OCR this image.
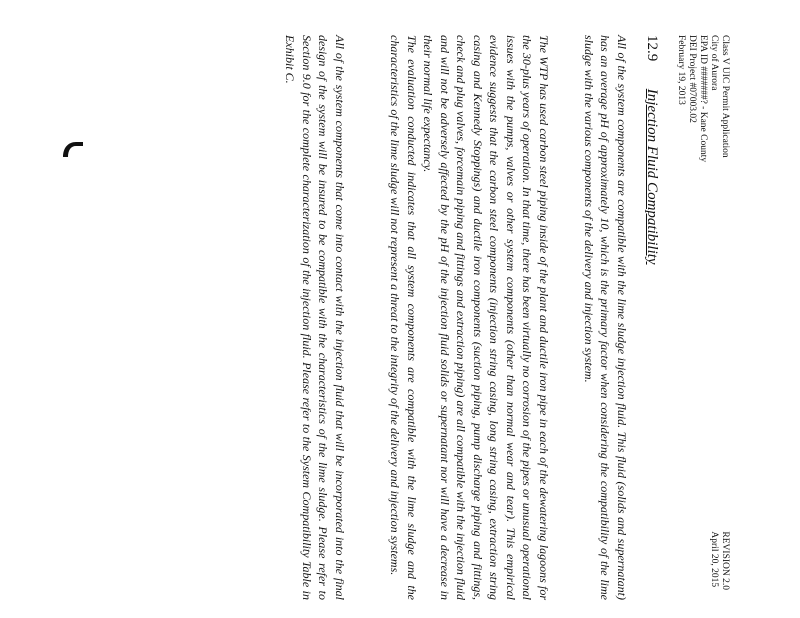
Class V UIC Permit Application
City of Aurora
EPA ID #######? - Kane County
DEI Project #07003.02
February 19, 2013
REVISION 2.0
April 20, 2015
12.9 Injection Fluid Compatibility
All of the system components are compatible with the lime sludge injection fluid. This fluid (solids and supernatant) has an average pH of approximately 10, which is the primary factor when considering the compatibility of the lime sludge with the various components of the delivery and injection system.
The WTP has used carbon steel piping inside of the plant and ductile iron pipe in each of the dewatering lagoons for the 30-plus years of operation. In that time, there has been virtually no corrosion of the pipes or unusual operational issues with the pumps, valves or other system components (other than normal wear and tear). This empirical evidence suggests that the carbon steel components (injection string casing, long string casing, extraction string casing and Kennedy Stoppings) and ductile iron components (suction piping, pump discharge piping and fittings, check and plug valves, forcemain piping and fittings and extraction piping) are all compatible with the injection fluid and will not be adversely affected by the pH of the injection fluid solids or supernatant nor will have a decrease in their normal life expectancy.
The evaluation conducted indicates that all system components are compatible with the lime sludge and the characteristics of the lime sludge will not represent a threat to the integrity of the delivery and injection systems.
All of the system components that come into contact with the injection fluid that will be incorporated into the final design of the system will be insured to be compatible with the characteristics of the lime sludge. Please refer to Section 9.0 for the complete characterization of the injection fluid. Please refer to the System Compatibility Table in Exhibit C.
